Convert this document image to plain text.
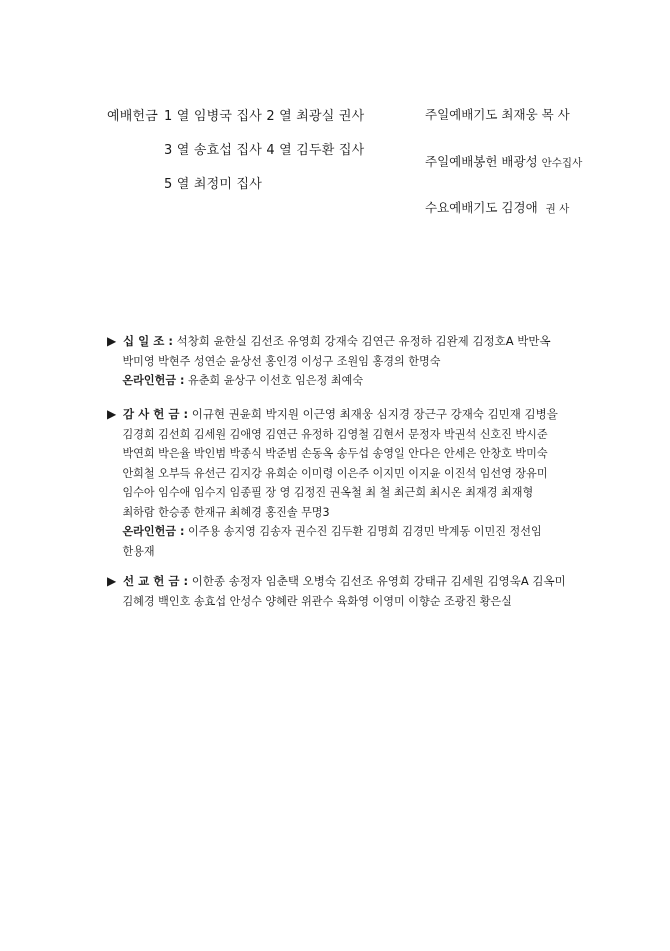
예배헌금 1 열 임병국 집사 2 열 최광실 권사
3 열 송효섭 집사 4 열 김두환 집사
5 열 최정미 집사
주일예배기도 최재웅 목 사
주일예배봉헌 배광성 안수집사
수요예배기도 김경애 권 사
▶ 십 일 조 : 석창희 윤한실 김선조 유영희 강재숙 김연근 유정하 김완제 김정호A 박만옥
박미영 박현주 성연순 윤상선 홍인경 이성구 조원임 홍경의 한명숙
온라인헌금 : 유춘희 윤상구 이선호 임은정 최예숙
▶ 감 사 헌 금 : 이규현 권윤희 박지원 이근영 최재웅 심지경 장근구 강재숙 김민재 김병을
김경희 김선희 김세원 김애영 김연근 유정하 김영철 김현서 문정자 박권석 신호진 박시준
박연희 박은율 박인범 박종식 박준범 손동옥 송두섭 송영일 안다은 안세은 안창호 박미숙
안희철 오부득 유선근 김지강 유희순 이미령 이은주 이지민 이지윤 이진석 임선영 장유미
임수아 임수애 임수지 임종필 장 영 김정진 권옥철 최 철 최근희 최시온 최재경 최재형
최하람 한승종 한재규 최혜경 홍진솔 무명3
온라인헌금 : 이주용 송지영 김송자 권수진 김두환 김명희 김경민 박계동 이민진 정선임
한용재
▶ 선 교 헌 금 : 이한종 송정자 임춘택 오병숙 김선조 유영희 강태규 김세원 김영욱A 김옥미
김혜경 백인호 송효섭 안성수 양혜란 위관수 육화영 이영미 이향순 조광진 황은실
